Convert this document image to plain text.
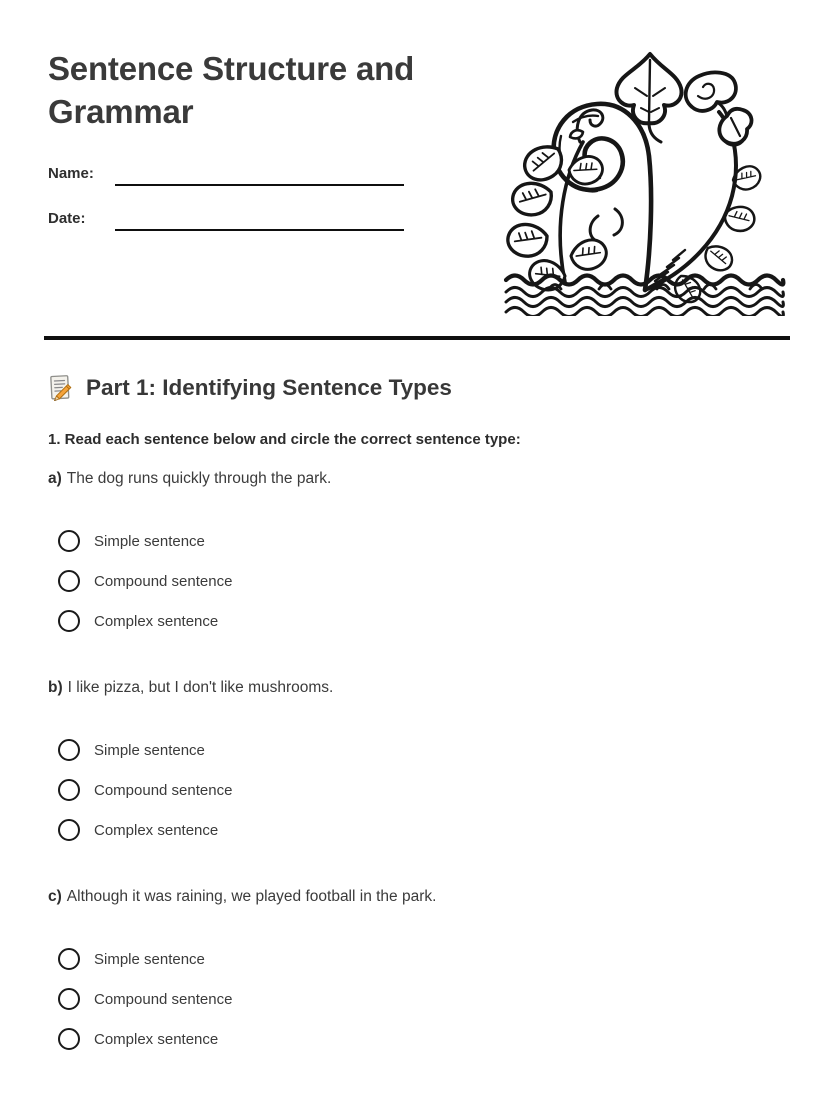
Sentence Structure and Grammar
Name:
Date:
Part 1: Identifying Sentence Types

1. Read each sentence below and circle the correct sentence type:

a) The dog runs quickly through the park.

Simple sentence
Compound sentence
Complex sentence

b) I like pizza, but I don't like mushrooms.

Simple sentence
Compound sentence
Complex sentence

c) Although it was raining, we played football in the park.

Simple sentence
Compound sentence
Complex sentence
